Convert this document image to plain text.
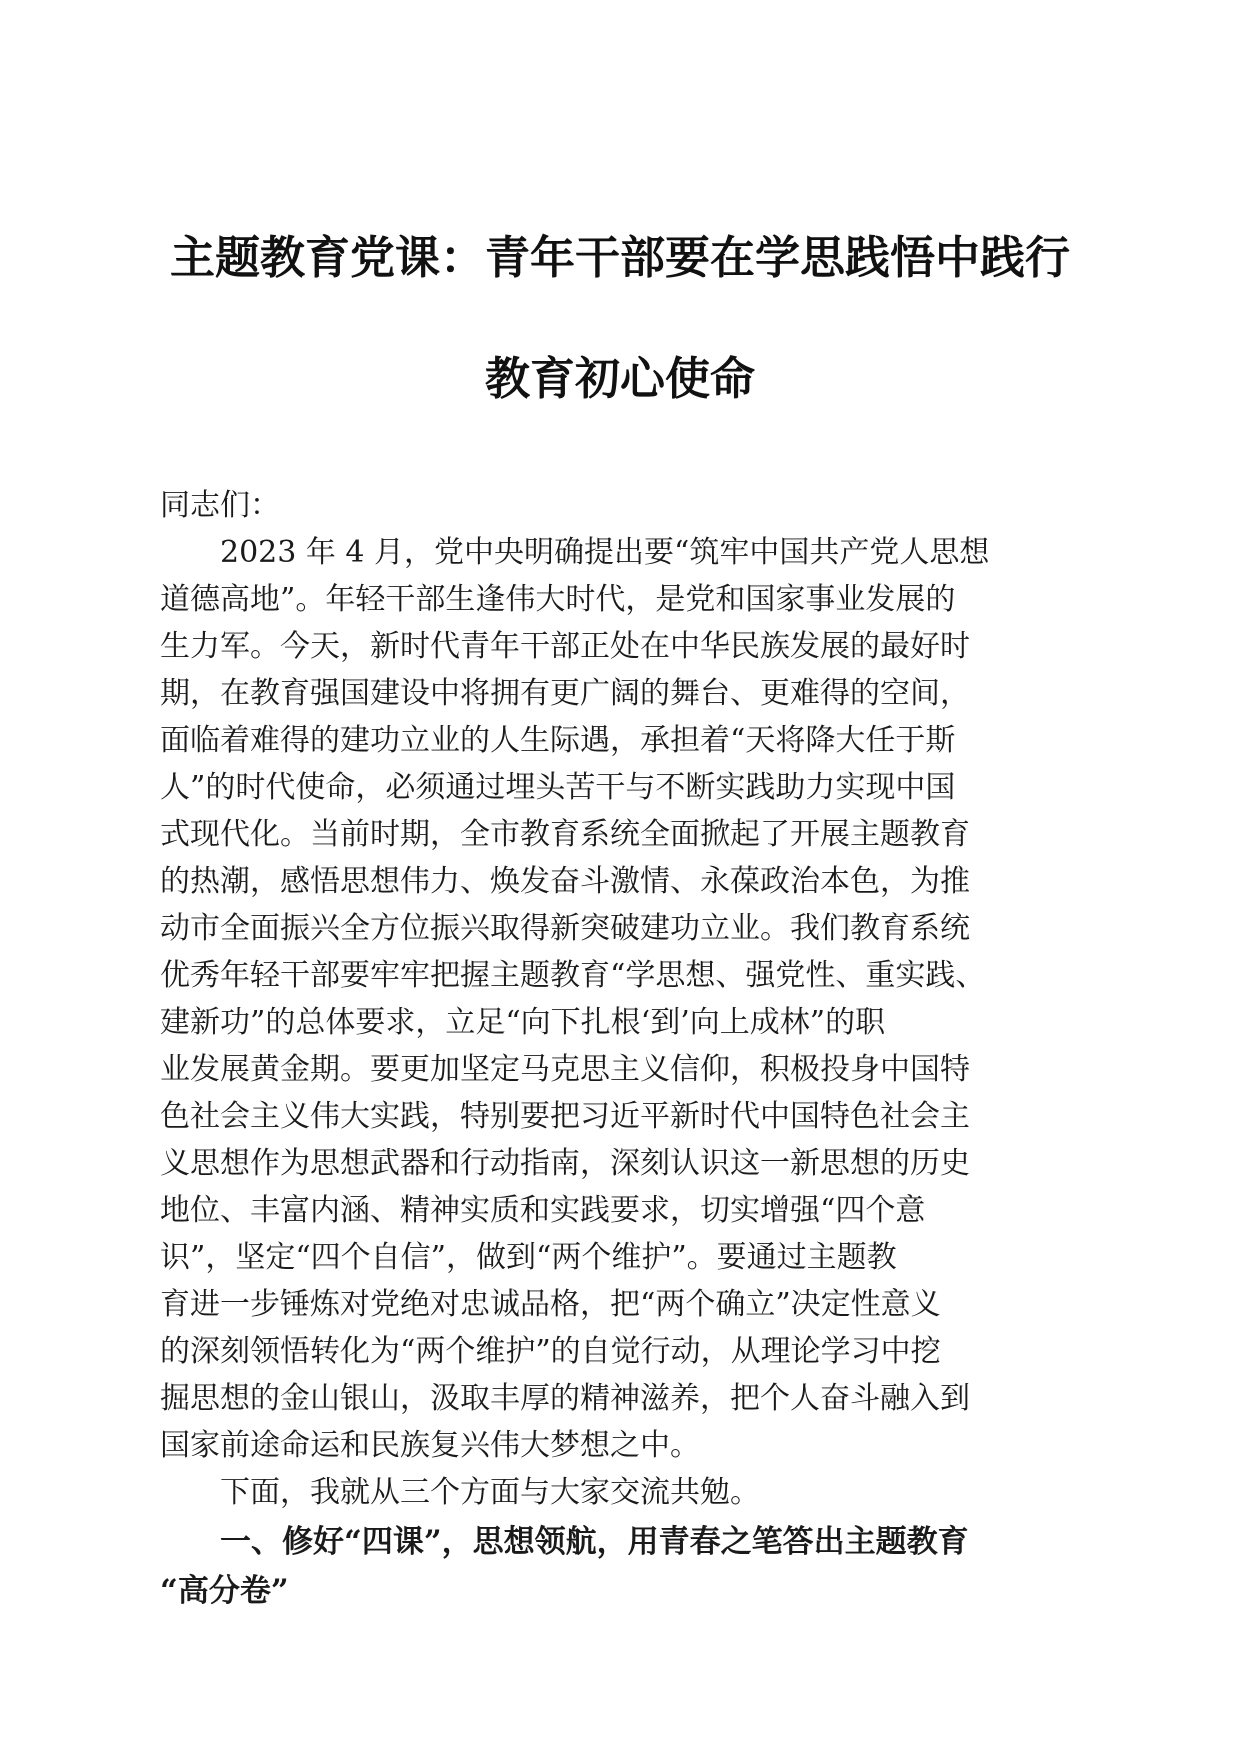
主题教育党课：青年干部要在学思践悟中践行
教育初心使命
同志们：
2023 年 4 月，党中央明确提出要“筑牢中国共产党人思想
道德高地”。年轻干部生逢伟大时代，是党和国家事业发展的
生力军。今天，新时代青年干部正处在中华民族发展的最好时
期，在教育强国建设中将拥有更广阔的舞台、更难得的空间，
面临着难得的建功立业的人生际遇，承担着“天将降大任于斯
人”的时代使命，必须通过埋头苦干与不断实践助力实现中国
式现代化。当前时期，全市教育系统全面掀起了开展主题教育
的热潮，感悟思想伟力、焕发奋斗激情、永葆政治本色，为推
动市全面振兴全方位振兴取得新突破建功立业。我们教育系统
优秀年轻干部要牢牢把握主题教育“学思想、强党性、重实践、
建新功”的总体要求，立足“向下扎根‘到’向上成林”的职
业发展黄金期。要更加坚定马克思主义信仰，积极投身中国特
色社会主义伟大实践，特别要把习近平新时代中国特色社会主
义思想作为思想武器和行动指南，深刻认识这一新思想的历史
地位、丰富内涵、精神实质和实践要求，切实增强“四个意
识”，坚定“四个自信”，做到“两个维护”。要通过主题教
育进一步锤炼对党绝对忠诚品格，把“两个确立”决定性意义
的深刻领悟转化为“两个维护”的自觉行动，从理论学习中挖
掘思想的金山银山，汲取丰厚的精神滋养，把个人奋斗融入到
国家前途命运和民族复兴伟大梦想之中。
下面，我就从三个方面与大家交流共勉。
一、修好“四课”，思想领航，用青春之笔答出主题教育
“高分卷”
